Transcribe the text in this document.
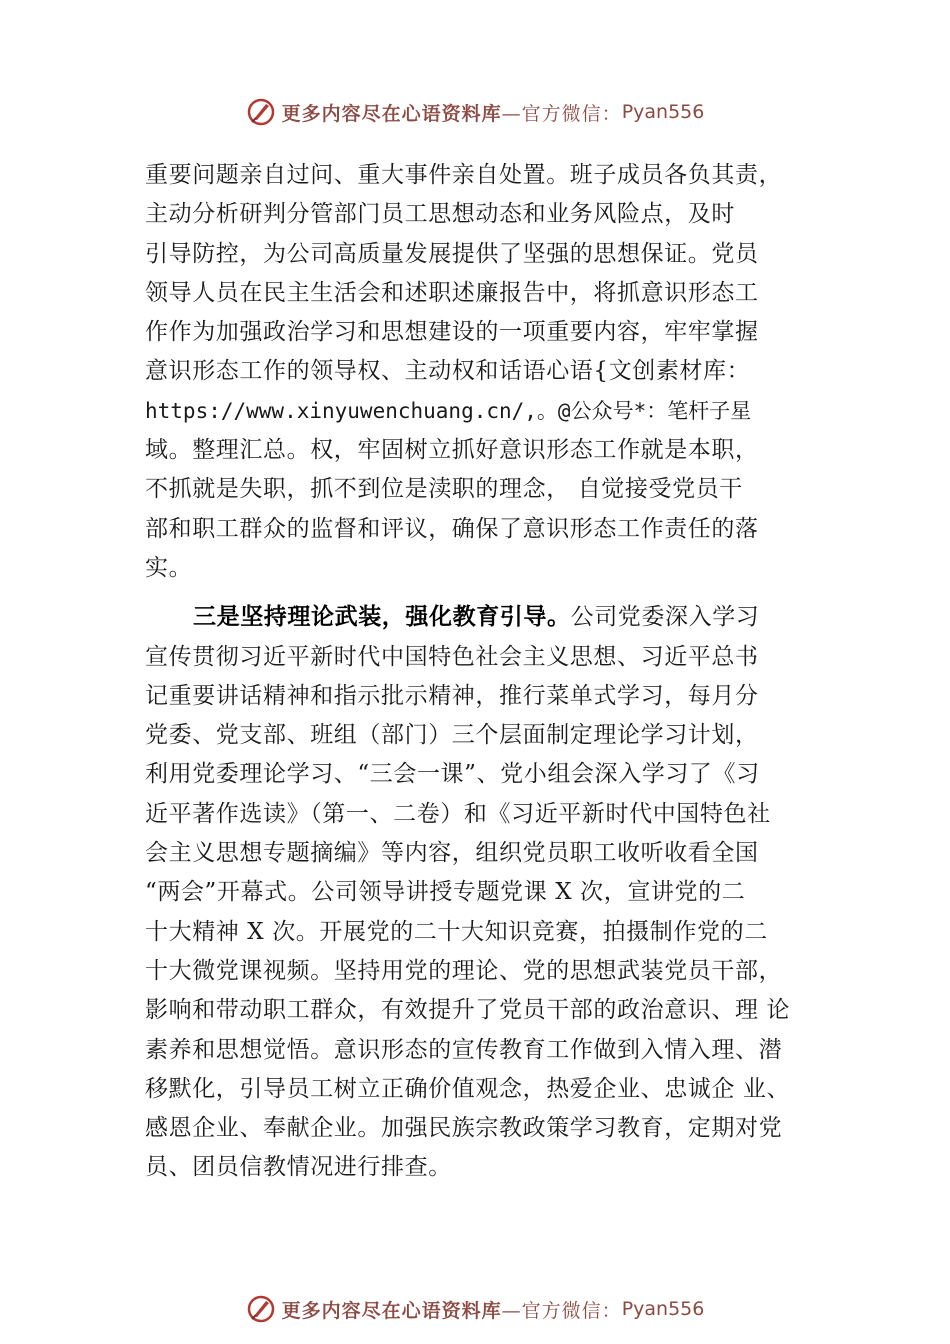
更多内容尽在心语资料库 —官方微信： Pyan556
重要问题亲自过问、重大事件亲自处置。班子成员各负其责，
主动分析研判分管部门员工思想动态和业务风险点，及时
引导防控，为公司高质量发展提供了坚强的思想保证。党员
领导人员在民主生活会和述职述廉报告中，将抓意识形态工
作作为加强政治学习和思想建设的一项重要内容，牢牢掌握
意识形态工作的领导权、主动权和话语心语{文创素材库：
https://www.xinyuwenchuang.cn/,。@公众号*：笔杆子星
域。整理汇总。权，牢固树立抓好意识形态工作就是本职，
不抓就是失职，抓不到位是渎职的理念， 自觉接受党员干
部和职工群众的监督和评议，确保了意识形态工作责任的落
实。
三是坚持理论武装，强化教育引导。公司党委深入学习
宣传贯彻习近平新时代中国特色社会主义思想、习近平总书
记重要讲话精神和指示批示精神，推行菜单式学习，每月分
党委、党支部、班组（部门）三个层面制定理论学习计划，
利用党委理论学习、“三会一课”、党小组会深入学习了《习
近平著作选读》（第一、二卷）和《习近平新时代中国特色社
会主义思想专题摘编》等内容，组织党员职工收听收看全国
“两会”开幕式。公司领导讲授专题党课 X 次，宣讲党的二
十大精神 X 次。开展党的二十大知识竞赛，拍摄制作党的二
十大微党课视频。坚持用党的理论、党的思想武装党员干部，
影响和带动职工群众，有效提升了党员干部的政治意识、理 论
素养和思想觉悟。意识形态的宣传教育工作做到入情入理、潜
移默化，引导员工树立正确价值观念，热爱企业、忠诚企 业、
感恩企业、奉献企业。加强民族宗教政策学习教育，定期对党
员、团员信教情况进行排查。
更多内容尽在心语资料库 —官方微信： Pyan556
